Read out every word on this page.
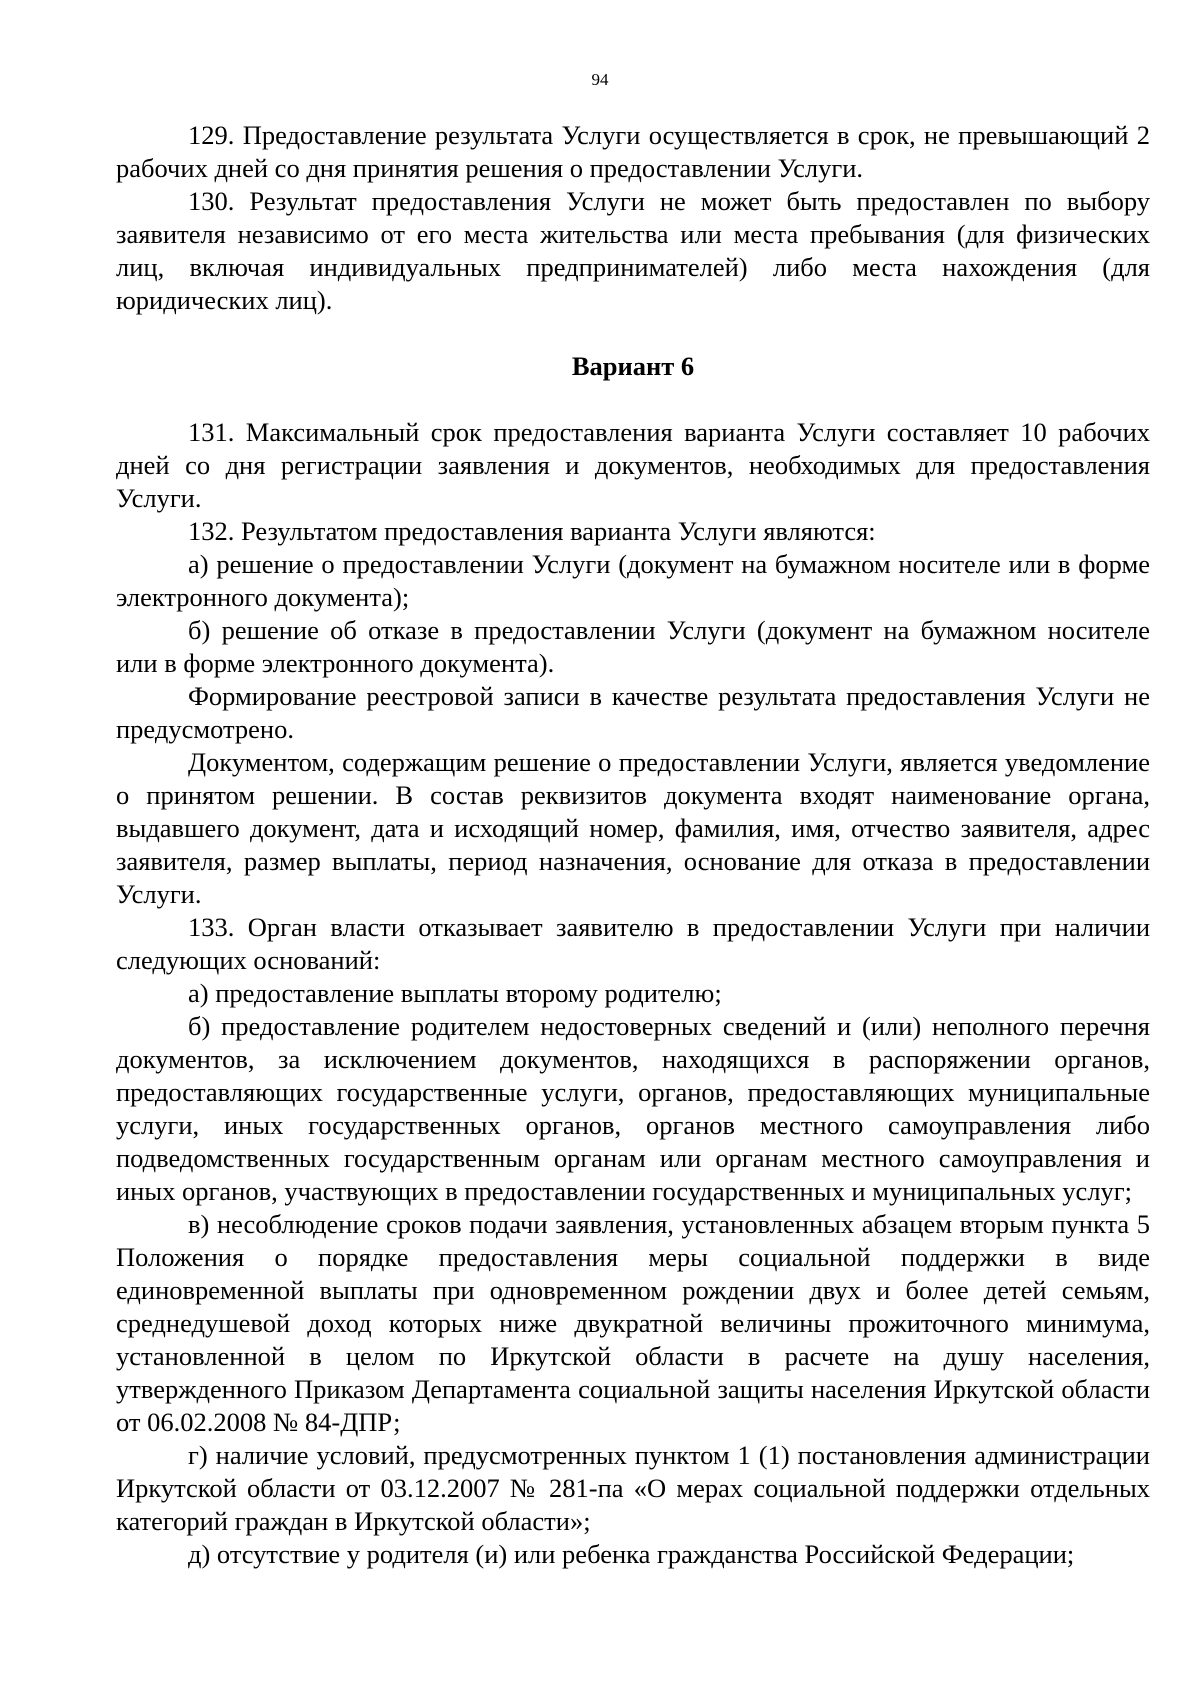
94

129. Предоставление результата Услуги осуществляется в срок, не превышающий 2 рабочих дней со дня принятия решения о предоставлении Услуги.

130. Результат предоставления Услуги не может быть предоставлен по выбору заявителя независимо от его места жительства или места пребывания (для физических лиц, включая индивидуальных предпринимателей) либо места нахождения (для юридических лиц).

Вариант 6

131. Максимальный срок предоставления варианта Услуги составляет 10 рабочих дней со дня регистрации заявления и документов, необходимых для предоставления Услуги.

132. Результатом предоставления варианта Услуги являются:

а) решение о предоставлении Услуги (документ на бумажном носителе или в форме электронного документа);

б) решение об отказе в предоставлении Услуги (документ на бумажном носителе или в форме электронного документа).

Формирование реестровой записи в качестве результата предоставления Услуги не предусмотрено.

Документом, содержащим решение о предоставлении Услуги, является уведомление о принятом решении. В состав реквизитов документа входят наименование органа, выдавшего документ, дата и исходящий номер, фамилия, имя, отчество заявителя, адрес заявителя, размер выплаты, период назначения, основание для отказа в предоставлении Услуги.

133. Орган власти отказывает заявителю в предоставлении Услуги при наличии следующих оснований:

а) предоставление выплаты второму родителю;

б) предоставление родителем недостоверных сведений и (или) неполного перечня документов, за исключением документов, находящихся в распоряжении органов, предоставляющих государственные услуги, органов, предоставляющих муниципальные услуги, иных государственных органов, органов местного самоуправления либо подведомственных государственным органам или органам местного самоуправления и иных органов, участвующих в предоставлении государственных и муниципальных услуг;

в) несоблюдение сроков подачи заявления, установленных абзацем вторым пункта 5 Положения о порядке предоставления меры социальной поддержки в виде единовременной выплаты при одновременном рождении двух и более детей семьям, среднедушевой доход которых ниже двукратной величины прожиточного минимума, установленной в целом по Иркутской области в расчете на душу населения, утвержденного Приказом Департамента социальной защиты населения Иркутской области от 06.02.2008 № 84-ДПР;

г) наличие условий, предусмотренных пунктом 1 (1) постановления администрации Иркутской области от 03.12.2007 № 281-па «О мерах социальной поддержки отдельных категорий граждан в Иркутской области»;

д) отсутствие у родителя (и) или ребенка гражданства Российской Федерации;
